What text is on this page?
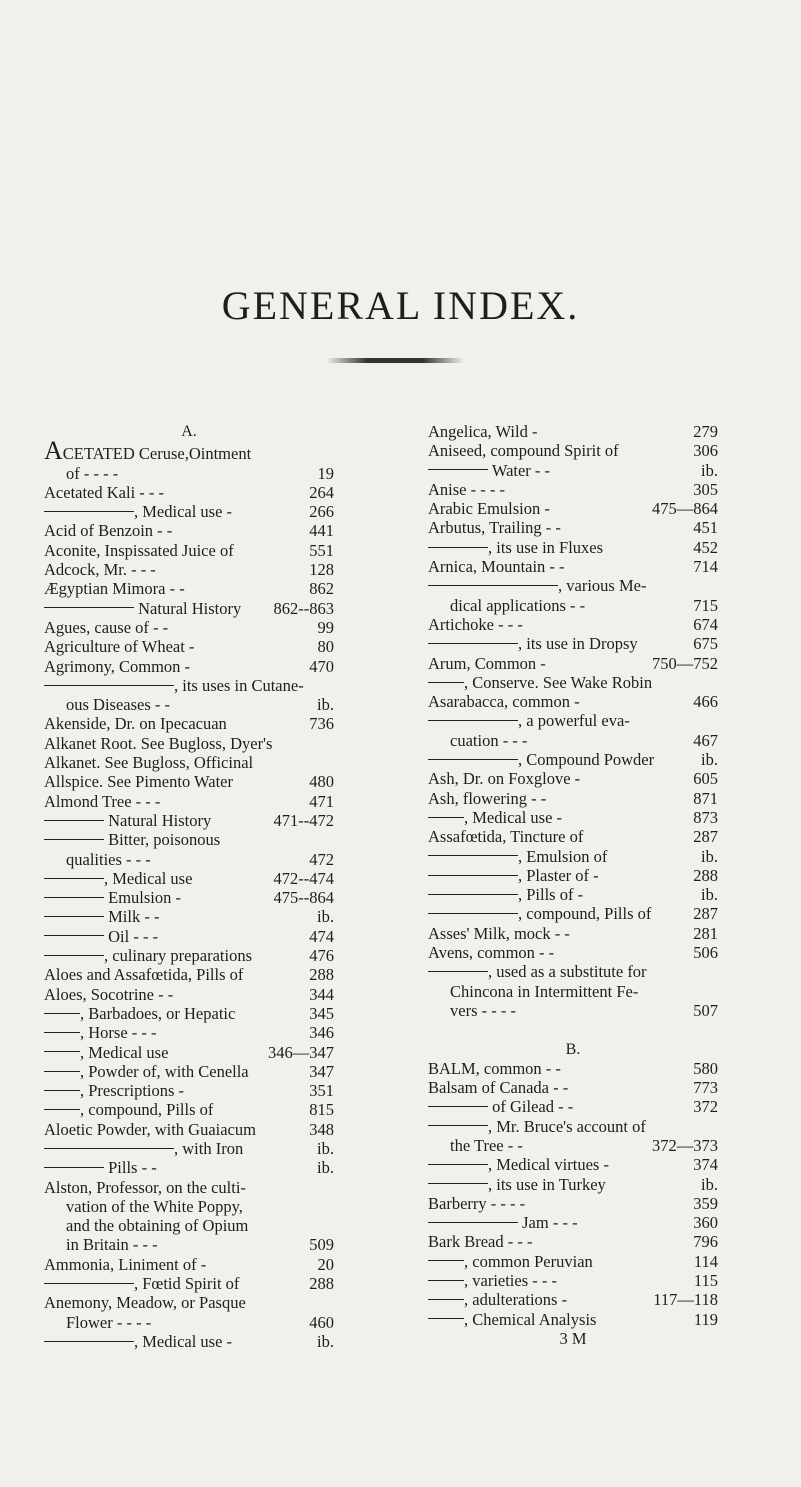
GENERAL INDEX.
A.
ACETATED Ceruse,Ointment
of - - - -	19
Acetated Kali - - -	264
, Medical use -	266
Acid of Benzoin - -	441
Aconite, Inspissated Juice of	551
Adcock, Mr. - - -	128
Ægyptian Mimora - -	862
Natural History 862--863
Agues, cause of - -	99
Agriculture of Wheat -	80
Agrimony, Common -	470
, its uses in Cutane-
ous Diseases - -	ib.
Akenside, Dr. on Ipecacuan	736
Alkanet Root. See Bugloss, Dyer's
Alkanet. See Bugloss, Officinal
Allspice. See Pimento Water	480
Almond Tree - - -	471
Natural History	471--472
Bitter, poisonous
qualities - - -	472
, Medical use	472--474
Emulsion -	475--864
Milk - -	ib.
Oil - - -	474
, culinary preparations	476
Aloes and Assafœtida, Pills of	288
Aloes, Socotrine - -	344
, Barbadoes, or Hepatic	345
, Horse - - -	346
, Medical use	346—347
, Powder of, with Cenella	347
, Prescriptions -	351
, compound, Pills of	815
Aloetic Powder, with Guaiacum	348
, with Iron	ib.
Pills - -	ib.
Alston, Professor, on the culti-
vation of the White Poppy,
and the obtaining of Opium
in Britain - - -	509
Ammonia, Liniment of -	20
, Fœtid Spirit of	288
Anemony, Meadow, or Pasque
Flower - - - -	460
, Medical use -	ib.
Angelica, Wild -	279
Aniseed, compound Spirit of	306
Water - -	ib.
Anise - - - -	305
Arabic Emulsion -	475—864
Arbutus, Trailing - -	451
, its use in Fluxes	452
Arnica, Mountain - -	714
, various Me-
dical applications - -	715
Artichoke - - -	674
, its use in Dropsy	675
Arum, Common -	750—752
, Conserve. See Wake Robin
Asarabacca, common -	466
, a powerful eva-
cuation - - -	467
, Compound Powder	ib.
Ash, Dr. on Foxglove -	605
Ash, flowering - -	871
, Medical use -	873
Assafœtida, Tincture of	287
, Emulsion of	ib.
, Plaster of -	288
, Pills of -	ib.
, compound, Pills of	287
Asses' Milk, mock - -	281
Avens, common - -	506
, used as a substitute for
Chincona in Intermittent Fe-
vers - - - -	507
B.
BALM, common - -	580
Balsam of Canada - -	773
of Gilead - -	372
, Mr. Bruce's account of
the Tree - -	372—373
, Medical virtues -	374
, its use in Turkey	ib.
Barberry - - - -	359
Jam - - -	360
Bark Bread - - -	796
, common Peruvian	114
, varieties - - -	115
, adulterations -	117—118
, Chemical Analysis	119
3 M
